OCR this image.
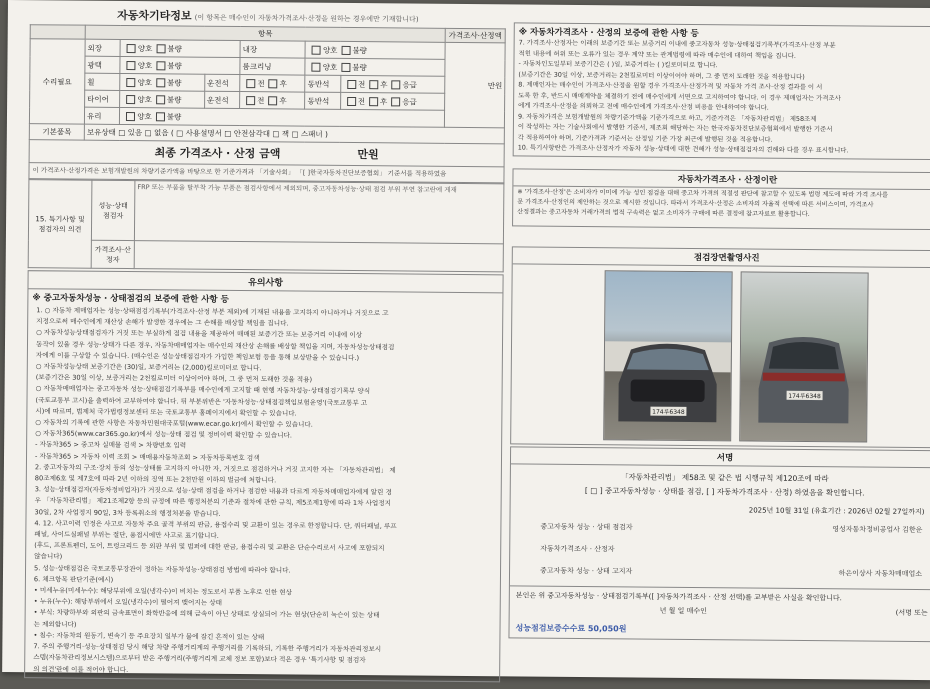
자동차기타정보 (이 항목은 매수인이 자동차가격조사·산정을 원하는 경우에만 기재합니다)
	항목						가격조사·산정액
수리필요	외장	양호 불량		내장	양호 불량		만원
	광택	양호 불량		룸크리닝	양호 불량		
	휠	양호 불량	운전석	전 후	동반석	전 후 응급	
	타이어	양호 불량	운전석	전 후	동반석	전 후 응급	
	유리	양호 불량					
기본품목	보유상태 □ 있음 □ 없음 ( □ 사용설명서 □ 안전삼각대 □ 잭 □ 스패너 )						
최종 가격조사 · 산정 금액	만원
이 가격조사·산정가격은 보험개발원의 차량기준가액을 바탕으로 한 기준가격과 「기술사회」 「[ ]한국자동차진단보증협회」 기준서를 적용하였음
15. 특기사항 및 점검자의 의견	성능·상태 점검자	FRP 또는 부품을 탈부착 가능 부품은 점검사항에서 제외되며, 중고자동차성능·상태 점검 부위 부연 참고란에 게재
	가격조사·산정자	
유의사항
※ 중고자동차성능 · 상태점검의 보증에 관한 사항 등
1. ○ 자동차 제매업자는 성능·상태점검기록부(가격조사·산정 부분 제외)에 기재된 내용을 고지하지 아니하거나 거짓으로 고
지정으로써 매수인에게 재산상 손해가 발생한 경우에는 그 손해를 배상할 책임을 집니다.
○ 자동차성능상태점검자가 거짓 또는 부실하게 점검 내용을 제공하여 매매된 보증기간 또는 보증거리 이내에 이상
동작이 있을 경우 성능·상태가 다른 경우, 자동차매매업자는 매수인의 재산상 손해를 배상할 책임을 지며, 자동차성능상태점검
자에게 이를 구상할 수 있습니다. (매수인은 성능상태점검자가 가입한 책임보험 등을 통해 보상받을 수 있습니다.)
○ 자동차성능상태 보증기간은 (30)일, 보증거리는 (2,000)킬로미터로 합니다.
(보증기간은 30일 이상, 보증거리는 2천킬로미터 이상이어야 하며, 그 중 먼저 도래한 것을 적용)
○ 자동차매매업자는 중고자동차 성능·상태점검기록부를 매수인에게 고지할 때 현행 자동차성능·상태점검기록부 양식
(국토교통부 고시)을 출력하여 교부하여야 합니다. 뒤 부분위반은 '자동차성능·상태점검책임보험운영'(국토교통부 고
시)에 따르며, 법제처 국가법령정보센터 또는 국토교통부 홈페이지에서 확인할 수 있습니다.
○ 자동차의 기록에 관한 사항은 자동차민원대국포털(www.ecar.go.kr)에서 확인할 수 있습니다.
○ 자동차365(www.car365.go.kr)에서 성능·상태 점검 및 정비이력 확인할 수 있습니다.
- 자동차365 > 중고차 실매물 검색 > 차량번호 입력
- 자동차365 > 자동차 이력 조회 > 매매용자동차조회 > 자동차등록번호 검색
2. 중고자동차의 구조·장치 등의 성능·상태를 고지하지 아니한 자, 거짓으로 점검하거나 거짓 고지한 자는 「자동차관리법」 제
80조제6호 및 제7호에 따라 2년 이하의 징역 또는 2천만원 이하의 벌금에 처합니다.
3. 성능·상태점검자(자동차정비업자)가 거짓으로 성능·상태 점검을 하거나 점검한 내용과 다르게 자동차매매업자에게 알린 경
우 「자동차관리법」 제21조제2항 등의 규정에 따른 행정처분의 기준과 절차에 관한 규칙, 제5조제1항에 따라 1차 사업정지
30일, 2차 사업정지 90일, 3차 등록취소의 행정처분을 받습니다.
4. 12. 사고이력 인정은 사고로 자동차 주요 골격 부위의 판금, 용접수리 및 교환이 있는 경우로 한정합니다. 단, 쿼터패널, 루프
패널, 사이드실패널 부위는 절단, 용접시에만 사고로 표기합니다.
(후드, 프론트펜더, 도어, 트렁크리드 등 외판 부위 및 범퍼에 대한 판금, 용접수리 및 교환은 단순수리로서 사고에 포함되지
않습니다)
5. 성능·상태점검은 국토교통부장관이 정하는 자동차성능·상태점검 방법에 따라야 합니다.
6. 체크항목 판단기준(예시)
• 미세누유(미세누수): 해당부위에 오일(냉각수)이 비치는 정도로서 부품 노후로 인한 현상
• 누유(누수): 해당부위에서 오일(냉각수)이 떨어져 맺어지는 상태
• 부식: 차량하부와 외판의 금속표면이 화학반응에 의해 금속이 아닌 상태로 상실되어 가는 현상(단순히 녹슨이 있는 상태
는 제외합니다)
• 침수: 자동차의 원동기, 변속기 등 주요장치 일부가 물에 잠긴 흔적이 있는 상태
7. 주의 주행거리·성능·상태점검 당시 해당 차량 주행거리계의 주행거리를 기록하되, 기록한 주행거리가 자동차관리정보시
스템(자동차관리정보시스템)으로부터 받은 주행거리(주행거리계 교체 정보 포함)보다 적은 경우 '특기사항 및 점검자
의 의견'란에 이를 적어야 합니다.
※ 자동차가격조사 · 산정의 보증에 관한 사항 등
7. 가격조사·산정자는 이래의 보증기간 또는 보증거리 이내에 중고자동차 성능·상태점검기록부(가격조사·산정 부분
적힌 내용에 허위 또는 오류가 있는 경우 계약 또는 관계법령에 따라 매수인에 대하여 책임을 집니다.
- 자동차인도일부터 보증기간은 ( )일, 보증거리는 ( )킬로미터로 합니다.
(보증기간은 30일 이상, 보증거리는 2천킬로미터 이상이어야 하며, 그 중 먼저 도래한 것을 적용합니다)
8. 제매인자는 매수인이 가격조사·산정을 원할 경우 가격조사·산정가격 및 자동차 가격 조사·산정 결과를 이 서
도록 한 후, 반드시 매매계약을 체결하기 전에 매수인에게 서면으로 고지하여야 합니다. 이 경우 제매업자는 가격조사
에게 가격조사·산정을 의뢰하고 전에 매수인에게 가격조사·산정 비용을 안내하여야 합니다.
9. 자동차가격은 보험개발원의 차량기준가액을 기준가격으로 하고, 기준가격은 「자동차관리법」 제58조제
이 작성하는 자는 기술사회에서 발행한 기준서, 제조회 해당하는 자는 한국자동차진단보증협회에서 발행한 기준서
각 적용하여야 하며, 기준가격과 기준서는 산정일 기준 가장 최근에 발행된 것을 적용합니다.
10. 특기사항란은 가격조사·산정자가 자동차 성능·상태에 대한 견해가 성능·상태점검자의 견해와 다를 경우 표시합니다.
자동차가격조사 · 산정이란
※ '가격조사·산정'은 소비자가 이미에 가능 성인 점검을 대해 중고차 가격의 적절성 판단에 참고할 수 있도록 법령 제도에 따라 가격 조사를
문 가격조사·산정인의 제안하는 것으로 제시한 것입니다. 따라서 가격조사·산정은 소비자의 자율적 선택에 따른 서비스이며, 가격조사
산정결과는 중고자동차 거래가격의 법적 구속력은 없고 소비자가 구매에 따른 결정에 참고자료로 활용합니다.
점검장면촬영사진
174루6348
174루6348
서명
「자동차관리법」 제58조 및 같은 법 시행규칙 제120조에 따라
[ □ ] 중고자동차성능 · 상태를 점검, [ ] 자동차가격조사 · 산정) 하였음을 확인합니다.
2025년 10월 31일 (유효기간 : 2026년 02월 27일까지)
중고자동차 성능 · 상태 점검자	영성자동차정비공업사 김한운
자동차가격조사 · 산정자
중고자동차 성능 · 상태 고지자	하은이상사 자동차매매업소
본인은 위 중고자동차성능 · 상태점검기록부([ ]자동차가격조사 · 산정 선택)를 교부받은 사실을 확인합니다.
년 월 일 매수인	(서명 또는
성능점검보증수수료 50,050원
